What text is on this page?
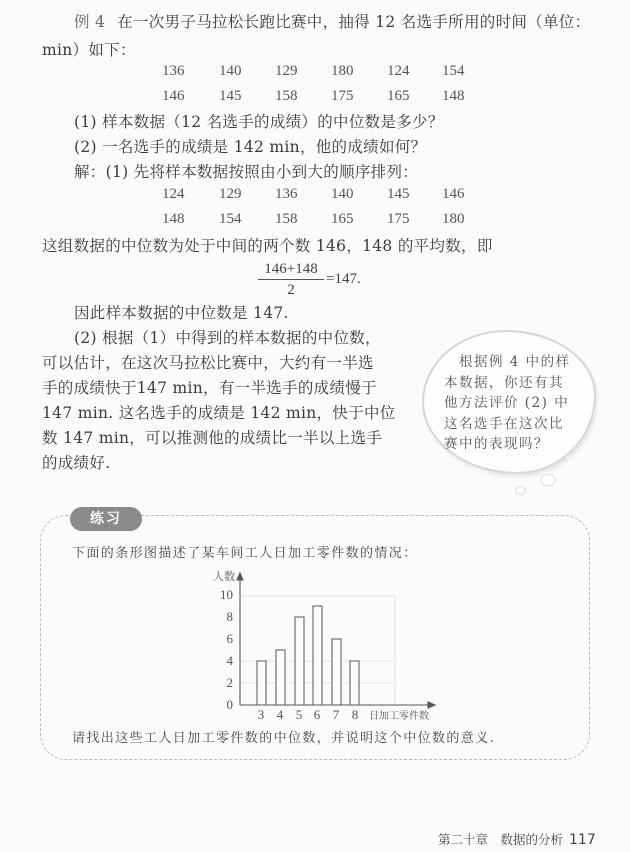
例 4 在一次男子马拉松长跑比赛中，抽得 12 名选手所用的时间（单位：
min）如下：
136 140 129 180 124 154
146 145 158 175 165 148
(1) 样本数据（12 名选手的成绩）的中位数是多少？
(2) 一名选手的成绩是 142 min，他的成绩如何？
解：(1) 先将样本数据按照由小到大的顺序排列：
124 129 136 140 145 146
148 154 158 165 175 180
这组数据的中位数为处于中间的两个数 146，148 的平均数，即
146+148
2
=147.
因此样本数据的中位数是 147.
(2) 根据（1）中得到的样本数据的中位数，
可以估计，在这次马拉松比赛中，大约有一半选
手的成绩快于147 min，有一半选手的成绩慢于
147 min. 这名选手的成绩是 142 min，快于中位
数 147 min，可以推测他的成绩比一半以上选手
的成绩好.
　根据例 4 中的样本数据，你还有其他方法评价 (2) 中这名选手在这次比赛中的表现吗？
练习
下面的条形图描述了某车间工人日加工零件数的情况：
0
2
4
6
8
10
人数
3 4 5 6 7 8 日加工零件数
请找出这些工人日加工零件数的中位数，并说明这个中位数的意义.
第二十章　数据的分析 117
